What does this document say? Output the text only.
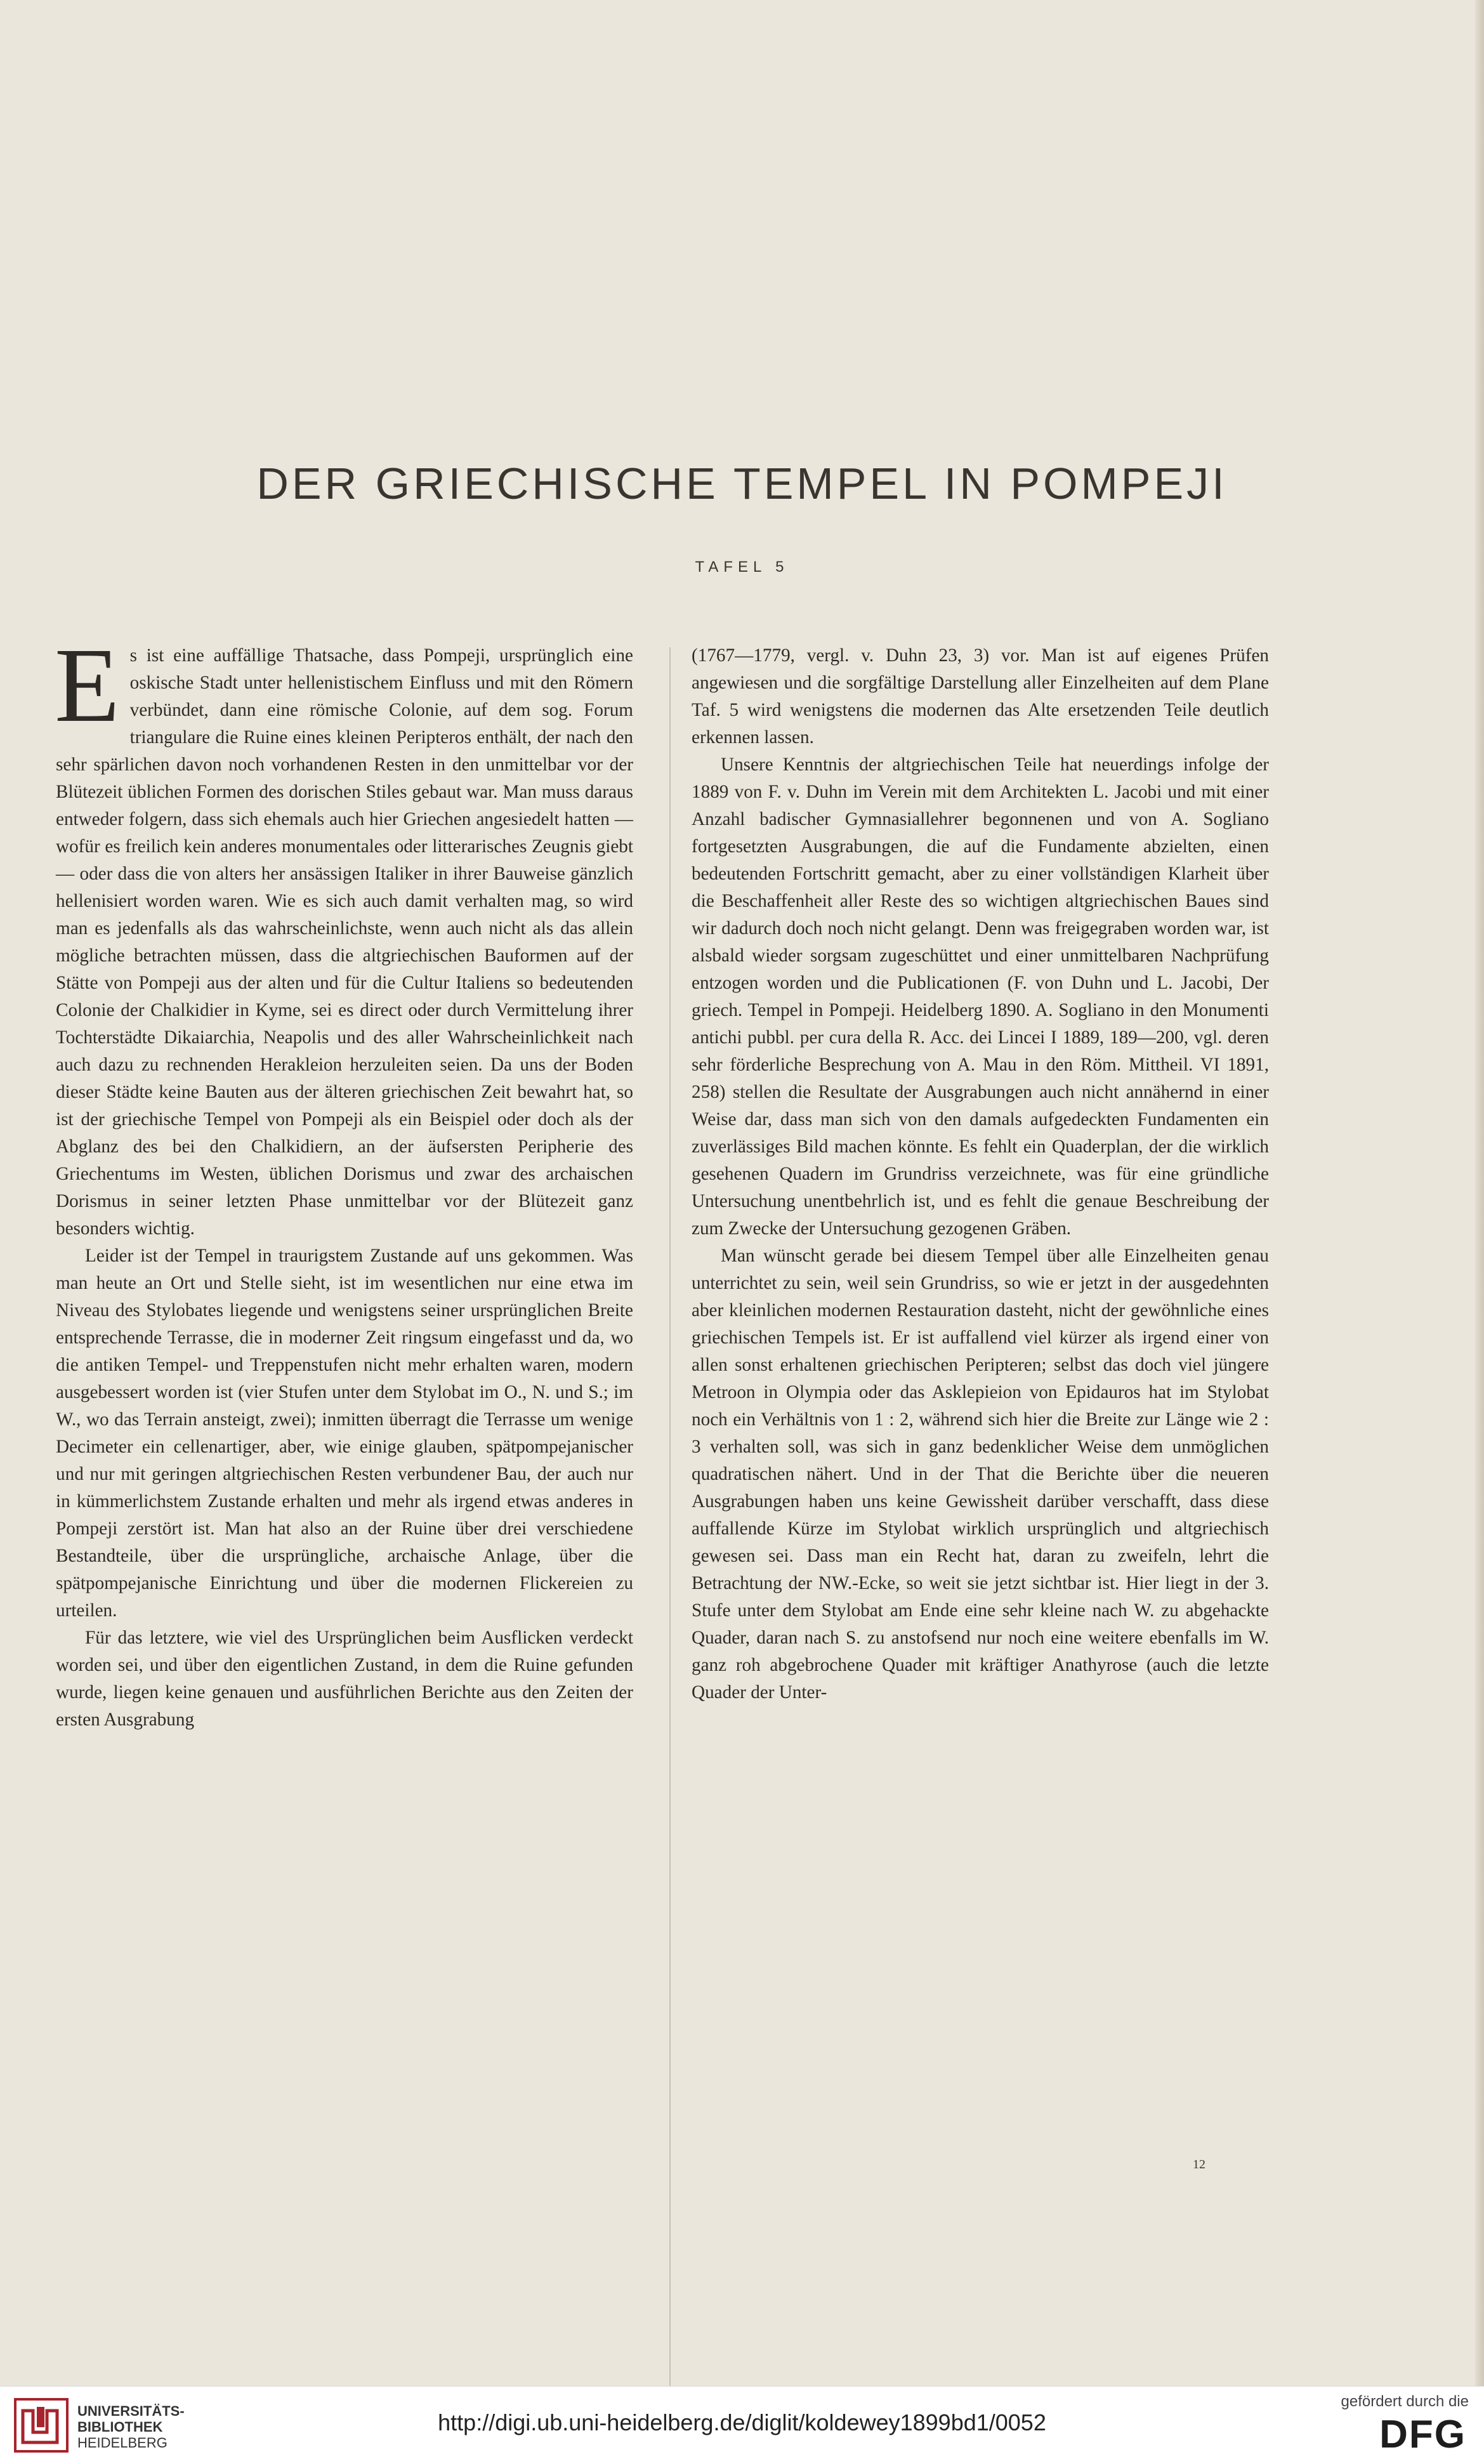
DER GRIECHISCHE TEMPEL IN POMPEJI
TAFEL 5

Es ist eine auffällige Thatsache, dass Pompeji, ursprünglich eine oskische Stadt unter hellenistischem Einfluss und mit den Römern verbündet, dann eine römische Colonie, auf dem sog. Forum triangulare die Ruine eines kleinen Peripteros enthält, der nach den sehr spärlichen davon noch vorhandenen Resten in den unmittelbar vor der Blütezeit üblichen Formen des dorischen Stiles gebaut war. Man muss daraus entweder folgern, dass sich ehemals auch hier Griechen angesiedelt hatten — wofür es freilich kein anderes monumentales oder litterarisches Zeugnis giebt — oder dass die von alters her ansässigen Italiker in ihrer Bauweise gänzlich hellenisiert worden waren. Wie es sich auch damit verhalten mag, so wird man es jedenfalls als das wahrscheinlichste, wenn auch nicht als das allein mögliche betrachten müssen, dass die altgriechischen Bauformen auf der Stätte von Pompeji aus der alten und für die Cultur Italiens so bedeutenden Colonie der Chalkidier in Kyme, sei es direct oder durch Vermittelung ihrer Tochterstädte Dikaiarchia, Neapolis und des aller Wahrscheinlichkeit nach auch dazu zu rechnenden Herakleion herzuleiten seien. Da uns der Boden dieser Städte keine Bauten aus der älteren griechischen Zeit bewahrt hat, so ist der griechische Tempel von Pompeji als ein Beispiel oder doch als der Abglanz des bei den Chalkidiern, an der äufsersten Peripherie des Griechentums im Westen, üblichen Dorismus und zwar des archaischen Dorismus in seiner letzten Phase unmittelbar vor der Blütezeit ganz besonders wichtig.

Leider ist der Tempel in traurigstem Zustande auf uns gekommen. Was man heute an Ort und Stelle sieht, ist im wesentlichen nur eine etwa im Niveau des Stylobates liegende und wenigstens seiner ursprünglichen Breite entsprechende Terrasse, die in moderner Zeit ringsum eingefasst und da, wo die antiken Tempel- und Treppenstufen nicht mehr erhalten waren, modern ausgebessert worden ist (vier Stufen unter dem Stylobat im O., N. und S.; im W., wo das Terrain ansteigt, zwei); inmitten überragt die Terrasse um wenige Decimeter ein cellenartiger, aber, wie einige glauben, spätpompejanischer und nur mit geringen altgriechischen Resten verbundener Bau, der auch nur in kümmerlichstem Zustande erhalten und mehr als irgend etwas anderes in Pompeji zerstört ist. Man hat also an der Ruine über drei verschiedene Bestandteile, über die ursprüngliche, archaische Anlage, über die spätpompejanische Einrichtung und über die modernen Flickereien zu urteilen.

Für das letztere, wie viel des Ursprünglichen beim Ausflicken verdeckt worden sei, und über den eigentlichen Zustand, in dem die Ruine gefunden wurde, liegen keine genauen und ausführlichen Berichte aus den Zeiten der ersten Ausgrabung

(1767—1779, vergl. v. Duhn 23, 3) vor. Man ist auf eigenes Prüfen angewiesen und die sorgfältige Darstellung aller Einzelheiten auf dem Plane Taf. 5 wird wenigstens die modernen das Alte ersetzenden Teile deutlich erkennen lassen.

Unsere Kenntnis der altgriechischen Teile hat neuerdings infolge der 1889 von F. v. Duhn im Verein mit dem Architekten L. Jacobi und mit einer Anzahl badischer Gymnasiallehrer begonnenen und von A. Sogliano fortgesetzten Ausgrabungen, die auf die Fundamente abzielten, einen bedeutenden Fortschritt gemacht, aber zu einer vollständigen Klarheit über die Beschaffenheit aller Reste des so wichtigen altgriechischen Baues sind wir dadurch doch noch nicht gelangt. Denn was freigegraben worden war, ist alsbald wieder sorgsam zugeschüttet und einer unmittelbaren Nachprüfung entzogen worden und die Publicationen (F. von Duhn und L. Jacobi, Der griech. Tempel in Pompeji. Heidelberg 1890. A. Sogliano in den Monumenti antichi pubbl. per cura della R. Acc. dei Lincei I 1889, 189—200, vgl. deren sehr förderliche Besprechung von A. Mau in den Röm. Mittheil. VI 1891, 258) stellen die Resultate der Ausgrabungen auch nicht annähernd in einer Weise dar, dass man sich von den damals aufgedeckten Fundamenten ein zuverlässiges Bild machen könnte. Es fehlt ein Quaderplan, der die wirklich gesehenen Quadern im Grundriss verzeichnete, was für eine gründliche Untersuchung unentbehrlich ist, und es fehlt die genaue Beschreibung der zum Zwecke der Untersuchung gezogenen Gräben.

Man wünscht gerade bei diesem Tempel über alle Einzelheiten genau unterrichtet zu sein, weil sein Grundriss, so wie er jetzt in der ausgedehnten aber kleinlichen modernen Restauration dasteht, nicht der gewöhnliche eines griechischen Tempels ist. Er ist auffallend viel kürzer als irgend einer von allen sonst erhaltenen griechischen Peripteren; selbst das doch viel jüngere Metroon in Olympia oder das Asklepieion von Epidauros hat im Stylobat noch ein Verhältnis von 1 : 2, während sich hier die Breite zur Länge wie 2 : 3 verhalten soll, was sich in ganz bedenklicher Weise dem unmöglichen quadratischen nähert. Und in der That die Berichte über die neueren Ausgrabungen haben uns keine Gewissheit darüber verschafft, dass diese auffallende Kürze im Stylobat wirklich ursprünglich und altgriechisch gewesen sei. Dass man ein Recht hat, daran zu zweifeln, lehrt die Betrachtung der NW.-Ecke, so weit sie jetzt sichtbar ist. Hier liegt in der 3. Stufe unter dem Stylobat am Ende eine sehr kleine nach W. zu abgehackte Quader, daran nach S. zu anstofsend nur noch eine weitere ebenfalls im W. ganz roh abgebrochene Quader mit kräftiger Anathyrose (auch die letzte Quader der Unter-

12
UNIVERSITÄTS-
BIBLIOTHEK
HEIDELBERG
http://digi.ub.uni-heidelberg.de/diglit/koldewey1899bd1/0052
gefördert durch die
DFG
